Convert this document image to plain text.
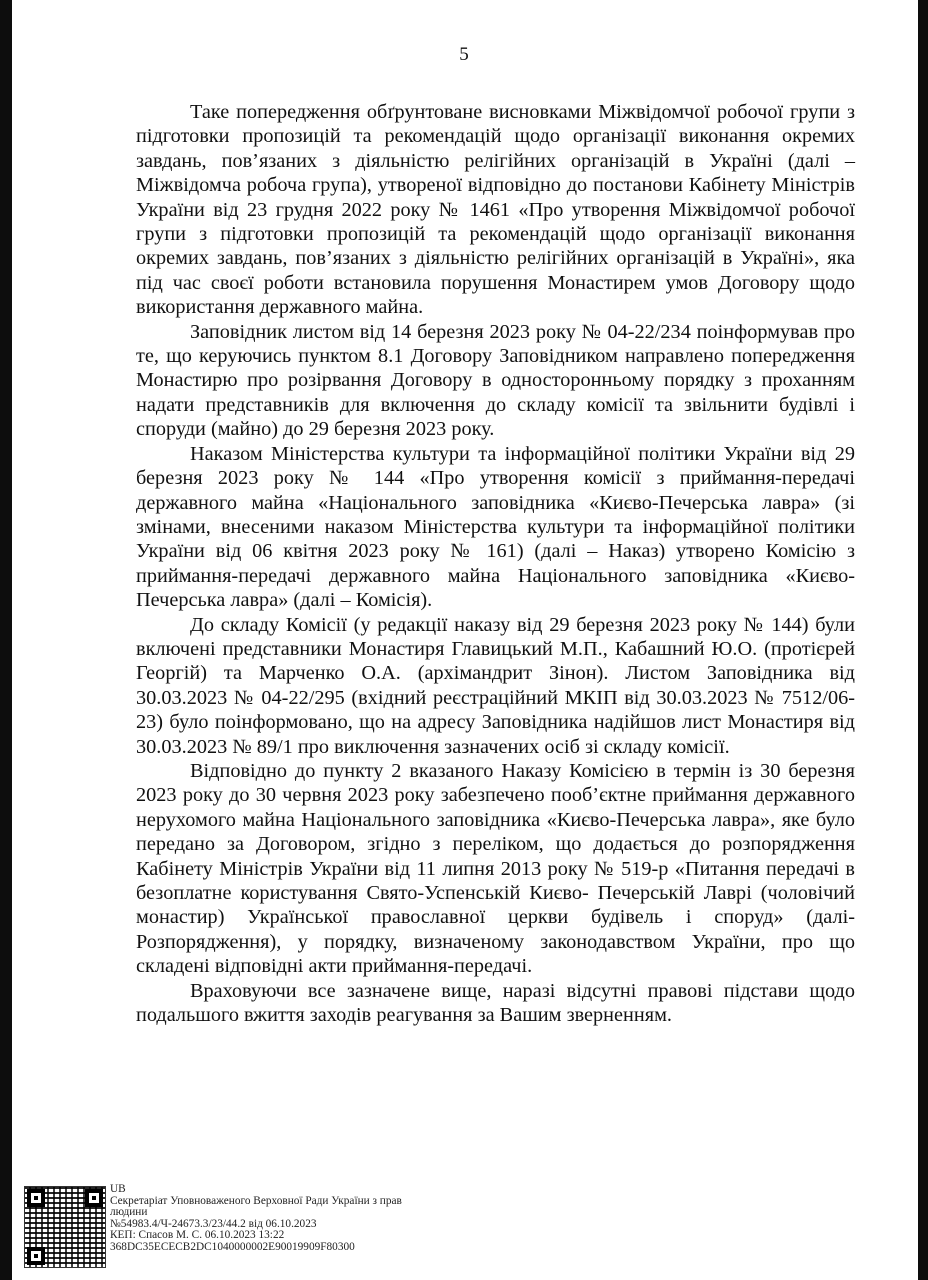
5

Таке попередження обґрунтоване висновками Міжвідомчої робочої групи з підготовки пропозицій та рекомендацій щодо організації виконання окремих завдань, пов’язаних з діяльністю релігійних організацій в Україні (далі – Міжвідомча робоча група), утвореної відповідно до постанови Кабінету Міністрів України від 23 грудня 2022 року № 1461 «Про утворення Міжвідомчої робочої групи з підготовки пропозицій та рекомендацій щодо організації виконання окремих завдань, пов’язаних з діяльністю релігійних організацій в Україні», яка під час своєї роботи встановила порушення Монастирем умов Договору щодо використання державного майна.

Заповідник листом від 14 березня 2023 року № 04-22/234 поінформував про те, що керуючись пунктом 8.1 Договору Заповідником направлено попередження Монастирю про розірвання Договору в односторонньому порядку з проханням надати представників для включення до складу комісії та звільнити будівлі і споруди (майно) до 29 березня 2023 року.

Наказом Міністерства культури та інформаційної політики України від 29 березня 2023 року № 144 «Про утворення комісії з приймання-передачі державного майна «Національного заповідника «Києво-Печерська лавра» (зі змінами, внесеними наказом Міністерства культури та інформаційної політики України від 06 квітня 2023 року № 161) (далі – Наказ) утворено Комісію з приймання-передачі державного майна Національного заповідника «Києво-Печерська лавра» (далі – Комісія).

До складу Комісії (у редакції наказу від 29 березня 2023 року № 144) були включені представники Монастиря Главицький М.П., Кабашний Ю.О. (протієрей Георгій) та Марченко О.А. (архімандрит Зінон). Листом Заповідника від 30.03.2023 № 04-22/295 (вхідний реєстраційний МКІП від 30.03.2023 № 7512/06-23) було поінформовано, що на адресу Заповідника надійшов лист Монастиря від 30.03.2023 № 89/1 про виключення зазначених осіб зі складу комісії.

Відповідно до пункту 2 вказаного Наказу Комісією в термін із 30 березня 2023 року до 30 червня 2023 року забезпечено пооб’єктне приймання державного нерухомого майна Національного заповідника «Києво-Печерська лавра», яке було передано за Договором, згідно з переліком, що додається до розпорядження Кабінету Міністрів України від 11 липня 2013 року № 519-р «Питання передачі в безоплатне користування Свято-Успенській Києво- Печерській Лаврі (чоловічий монастир) Української православної церкви будівель і споруд» (далі-Розпорядження), у порядку, визначеному законодавством України, про що складені відповідні акти приймання-передачі.

Враховуючи все зазначене вище, наразі відсутні правові підстави щодо подальшого вжиття заходів реагування за Вашим зверненням.

UB
Секретаріат Уповноваженого Верховної Ради України з прав
людини
№54983.4/Ч-24673.3/23/44.2 від 06.10.2023
КЕП: Спасов М. С. 06.10.2023 13:22
368DC35ECECB2DC1040000002E90019909F80300
